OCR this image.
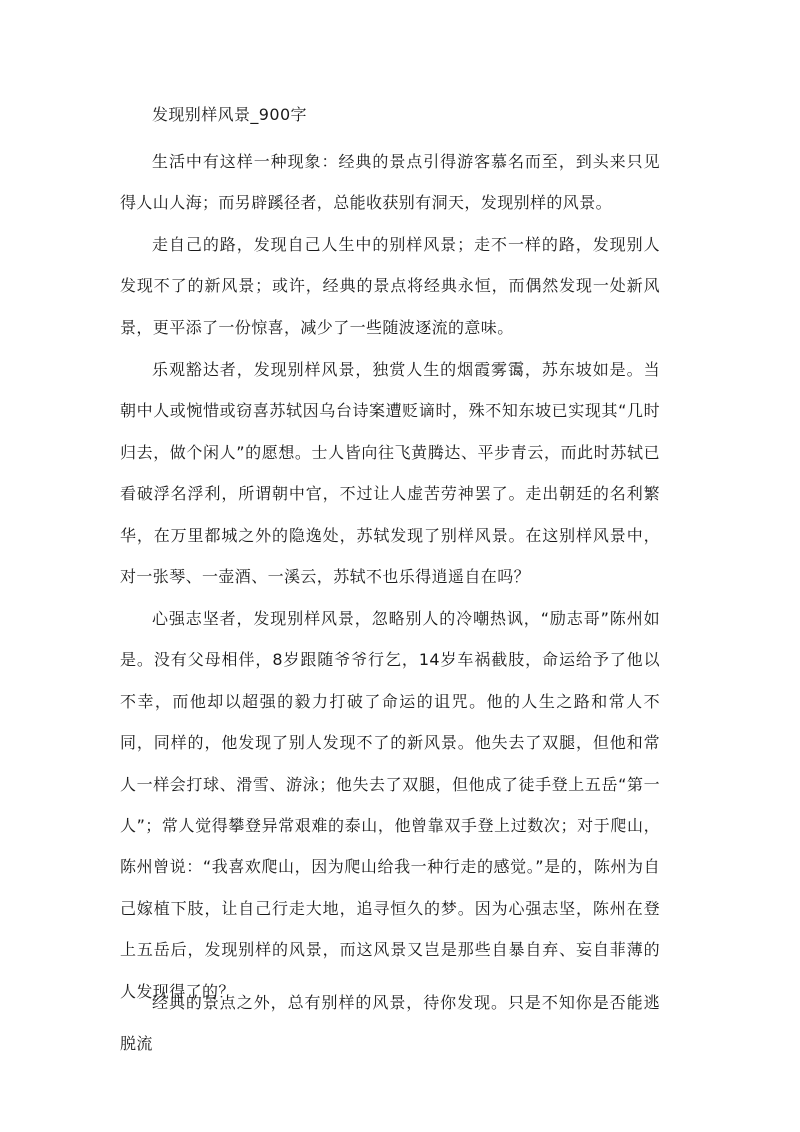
发现别样风景_900字

生活中有这样一种现象：经典的景点引得游客慕名而至，到头来只见得人山人海；而另辟蹊径者，总能收获别有洞天，发现别样的风景。

走自己的路，发现自己人生中的别样风景；走不一样的路，发现别人发现不了的新风景；或许，经典的景点将经典永恒，而偶然发现一处新风景，更平添了一份惊喜，减少了一些随波逐流的意味。

乐观豁达者，发现别样风景，独赏人生的烟霞雾霭，苏东坡如是。当朝中人或惋惜或窃喜苏轼因乌台诗案遭贬谪时，殊不知东坡已实现其“几时归去，做个闲人”的愿想。士人皆向往飞黄腾达、平步青云，而此时苏轼已看破浮名浮利，所谓朝中官，不过让人虚苦劳神罢了。走出朝廷的名利繁华，在万里都城之外的隐逸处，苏轼发现了别样风景。在这别样风景中，对一张琴、一壶酒、一溪云，苏轼不也乐得逍遥自在吗？

心强志坚者，发现别样风景，忽略别人的冷嘲热讽，“励志哥”陈州如是。没有父母相伴，8岁跟随爷爷行乞，14岁车祸截肢，命运给予了他以不幸，而他却以超强的毅力打破了命运的诅咒。他的人生之路和常人不同，同样的，他发现了别人发现不了的新风景。他失去了双腿，但他和常人一样会打球、滑雪、游泳；他失去了双腿，但他成了徒手登上五岳“第一人”；常人觉得攀登异常艰难的泰山，他曾靠双手登上过数次；对于爬山，陈州曾说：“我喜欢爬山，因为爬山给我一种行走的感觉。”是的，陈州为自己嫁植下肢，让自己行走大地，追寻恒久的梦。因为心强志坚，陈州在登上五岳后，发现别样的风景，而这风景又岂是那些自暴自弃、妄自菲薄的人发现得了的？

经典的景点之外，总有别样的风景，待你发现。只是不知你是否能逃脱流
